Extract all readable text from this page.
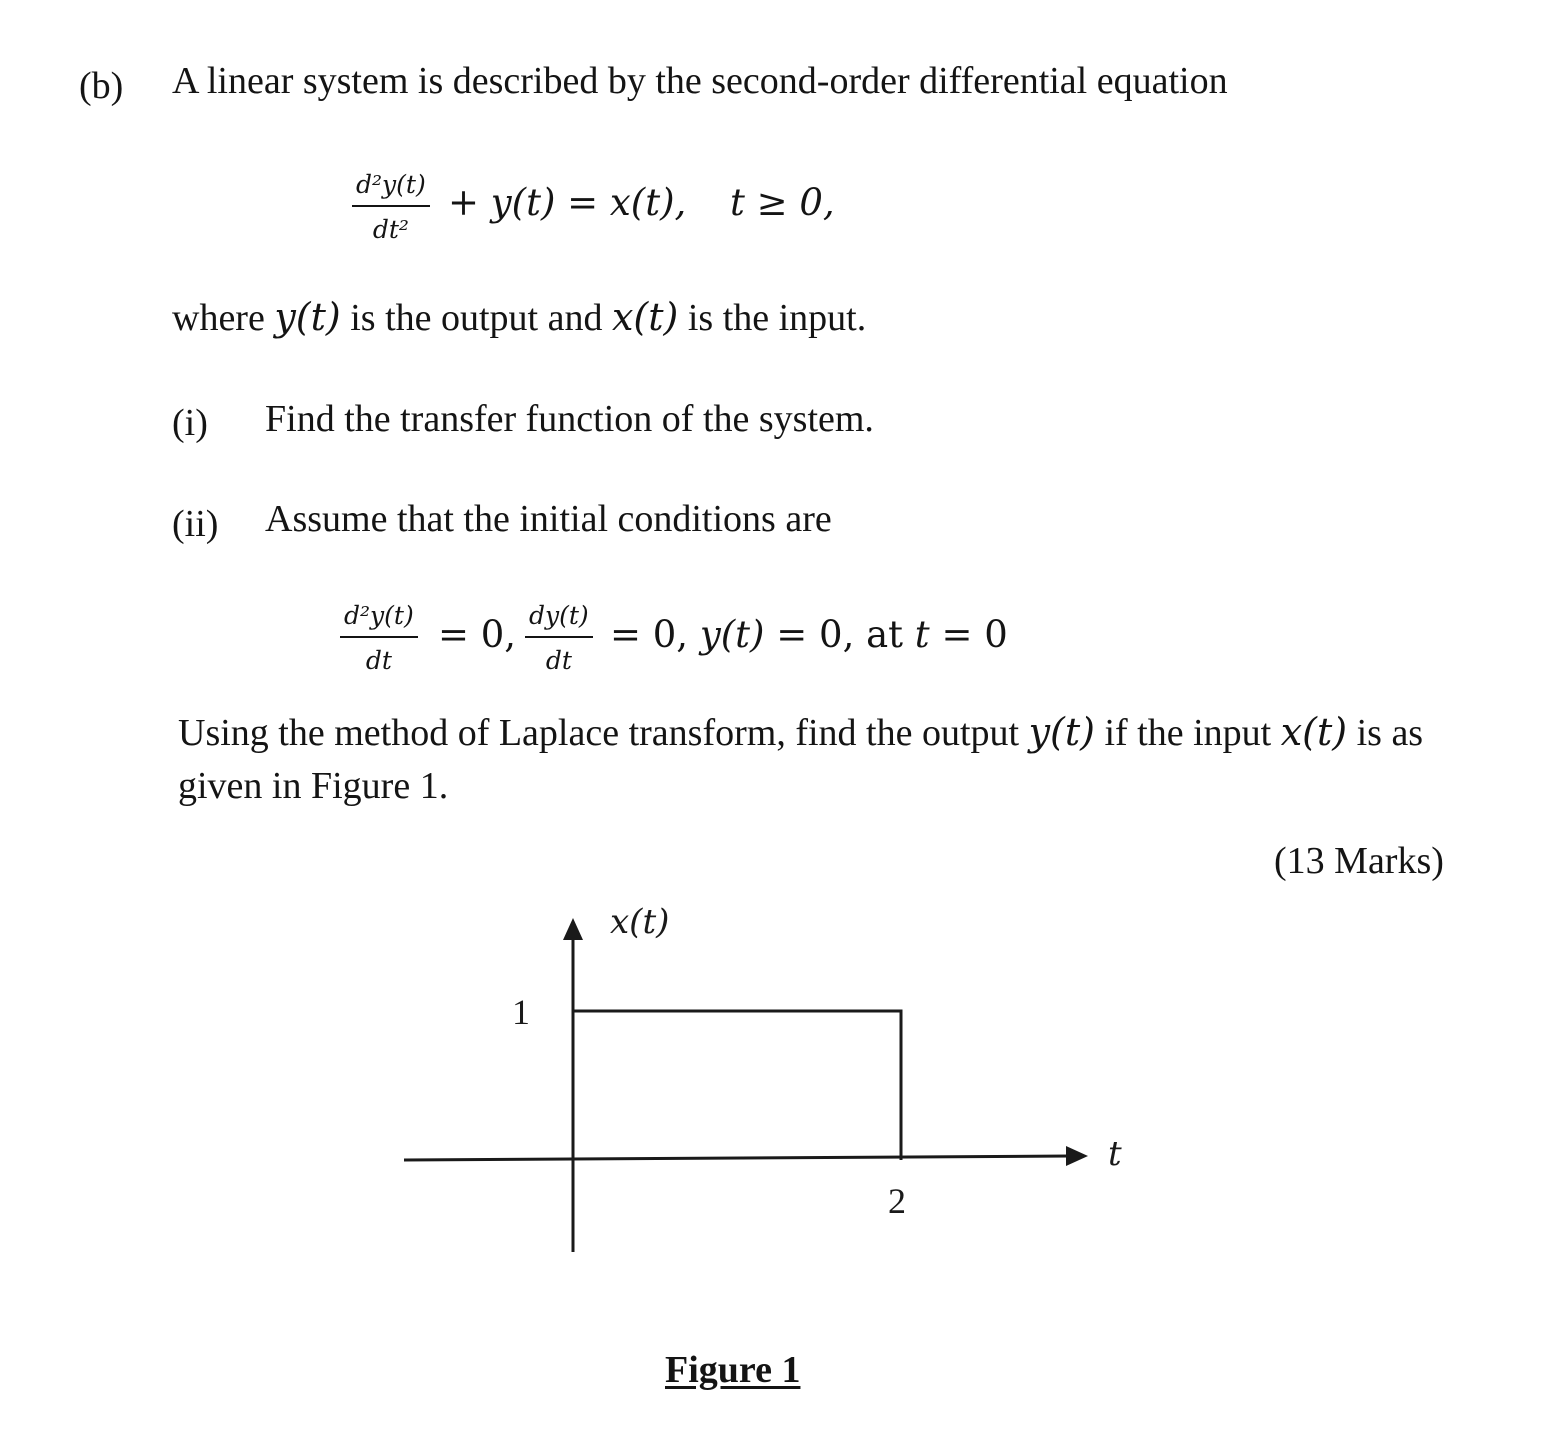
(b) A linear system is described by the second-order differential equation
d²y(t)
dt²
+ y(t) = x(t), t ≥ 0,
where y(t) is the output and x(t) is the input.
(i) Find the transfer function of the system.
(ii) Assume that the initial conditions are
d²y(t)
dt
= 0, dy(t)
dt
= 0, y(t) = 0, at t = 0
Using the method of Laplace transform, find the output y(t) if the input x(t) is as
given in Figure 1.
(13 Marks)
x(t)
t
1
2
Figure 1
